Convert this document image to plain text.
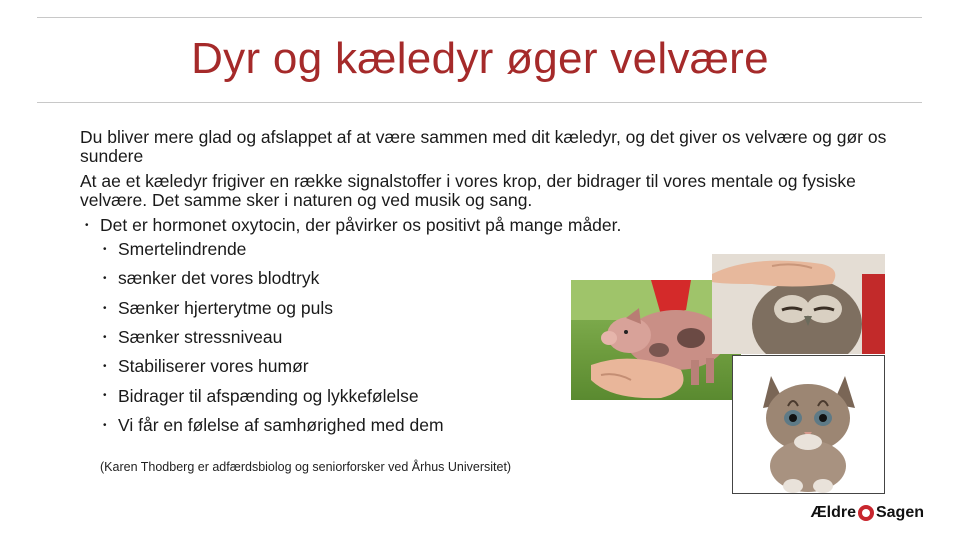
Dyr og kæledyr øger velvære

Du bliver mere glad og afslappet af at være sammen med dit kæledyr, og det giver os velvære og gør os sundere

At ae et kæledyr frigiver en række signalstoffer i vores krop, der bidrager til vores mentale og fysiske velvære. Det samme sker i naturen og ved musik og sang.

• Det er hormonet oxytocin, der påvirker os positivt på mange måder.
• Smertelindrende
• sænker det vores blodtryk
• Sænker hjerterytme og puls
• Sænker stressniveau
• Stabiliserer vores humør
• Bidrager til afspænding og lykkefølelse
• Vi får en følelse af samhørighed med dem
(Karen Thodberg er adfærdsbiolog og seniorforsker ved Århus Universitet)
Ældre Sagen
